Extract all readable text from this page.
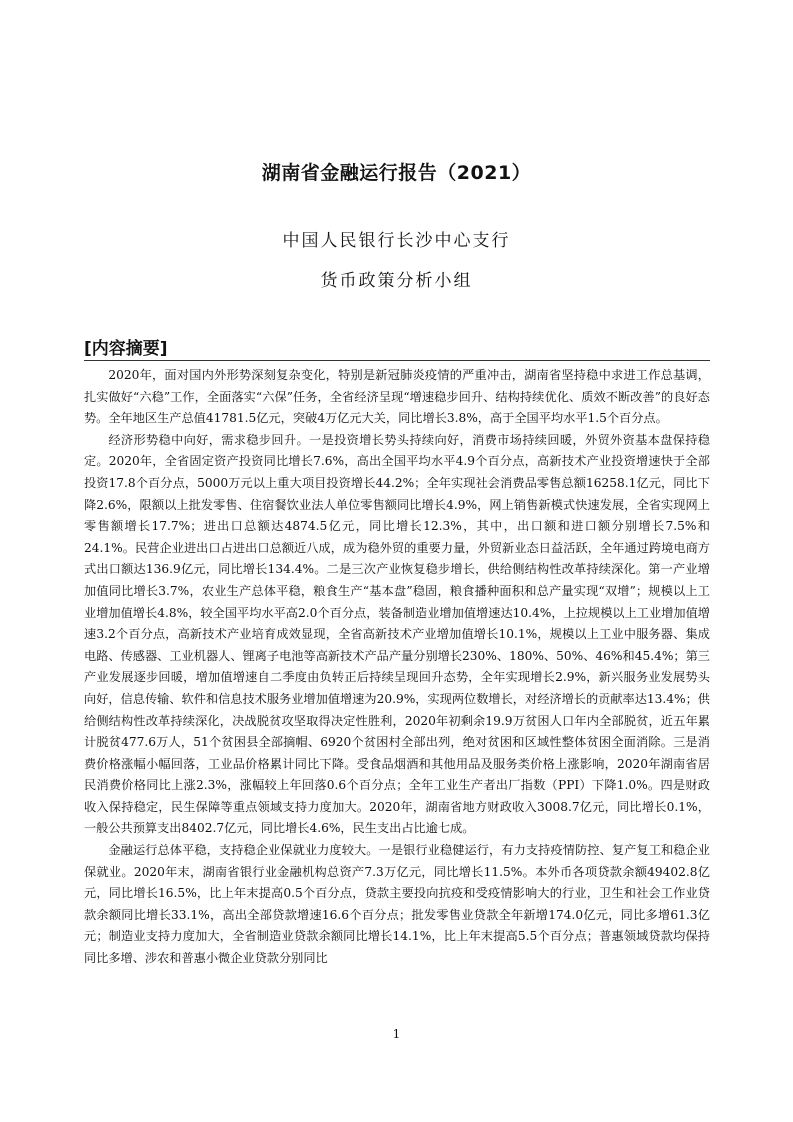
湖南省金融运行报告（2021）
中国人民银行长沙中心支行
货币政策分析小组
[内容摘要]

2020年，面对国内外形势深刻复杂变化，特别是新冠肺炎疫情的严重冲击，湖南省坚持稳中求进工作总基调，扎实做好“六稳”工作，全面落实“六保”任务，全省经济呈现“增速稳步回升、结构持续优化、质效不断改善”的良好态势。全年地区生产总值41781.5亿元，突破4万亿元大关，同比增长3.8%，高于全国平均水平1.5个百分点。

经济形势稳中向好，需求稳步回升。一是投资增长势头持续向好，消费市场持续回暖，外贸外资基本盘保持稳定。2020年，全省固定资产投资同比增长7.6%，高出全国平均水平4.9个百分点，高新技术产业投资增速快于全部投资17.8个百分点，5000万元以上重大项目投资增长44.2%；全年实现社会消费品零售总额16258.1亿元，同比下降2.6%，限额以上批发零售、住宿餐饮业法人单位零售额同比增长4.9%，网上销售新模式快速发展，全省实现网上零售额增长17.7%；进出口总额达4874.5亿元，同比增长12.3%，其中，出口额和进口额分别增长7.5%和24.1%。民营企业进出口占进出口总额近八成，成为稳外贸的重要力量，外贸新业态日益活跃，全年通过跨境电商方式出口额达136.9亿元，同比增长134.4%。二是三次产业恢复稳步增长，供给侧结构性改革持续深化。第一产业增加值同比增长3.7%，农业生产总体平稳，粮食生产“基本盘”稳固，粮食播种面积和总产量实现“双增”；规模以上工业增加值增长4.8%，较全国平均水平高2.0个百分点，装备制造业增加值增速达10.4%，上拉规模以上工业增加值增速3.2个百分点，高新技术产业培育成效显现，全省高新技术产业增加值增长10.1%，规模以上工业中服务器、集成电路、传感器、工业机器人、锂离子电池等高新技术产品产量分别增长230%、180%、50%、46%和45.4%；第三产业发展逐步回暖，增加值增速自二季度由负转正后持续呈现回升态势，全年实现增长2.9%，新兴服务业发展势头向好，信息传输、软件和信息技术服务业增加值增速为20.9%，实现两位数增长，对经济增长的贡献率达13.4%；供给侧结构性改革持续深化，决战脱贫攻坚取得决定性胜利，2020年初剩余19.9万贫困人口年内全部脱贫，近五年累计脱贫477.6万人，51个贫困县全部摘帽、6920个贫困村全部出列，绝对贫困和区域性整体贫困全面消除。三是消费价格涨幅小幅回落，工业品价格累计同比下降。受食品烟酒和其他用品及服务类价格上涨影响，2020年湖南省居民消费价格同比上涨2.3%，涨幅较上年回落0.6个百分点；全年工业生产者出厂指数（PPI）下降1.0%。四是财政收入保持稳定，民生保障等重点领域支持力度加大。2020年，湖南省地方财政收入3008.7亿元，同比增长0.1%，一般公共预算支出8402.7亿元，同比增长4.6%，民生支出占比逾七成。

金融运行总体平稳，支持稳企业保就业力度较大。一是银行业稳健运行，有力支持疫情防控、复产复工和稳企业保就业。2020年末，湖南省银行业金融机构总资产7.3万亿元，同比增长11.5%。本外币各项贷款余额49402.8亿元，同比增长16.5%，比上年末提高0.5个百分点，贷款主要投向抗疫和受疫情影响大的行业，卫生和社会工作业贷款余额同比增长33.1%，高出全部贷款增速16.6个百分点；批发零售业贷款全年新增174.0亿元，同比多增61.3亿元；制造业支持力度加大，全省制造业贷款余额同比增长14.1%，比上年末提高5.5个百分点；普惠领域贷款均保持同比多增、涉农和普惠小微企业贷款分别同比

1
